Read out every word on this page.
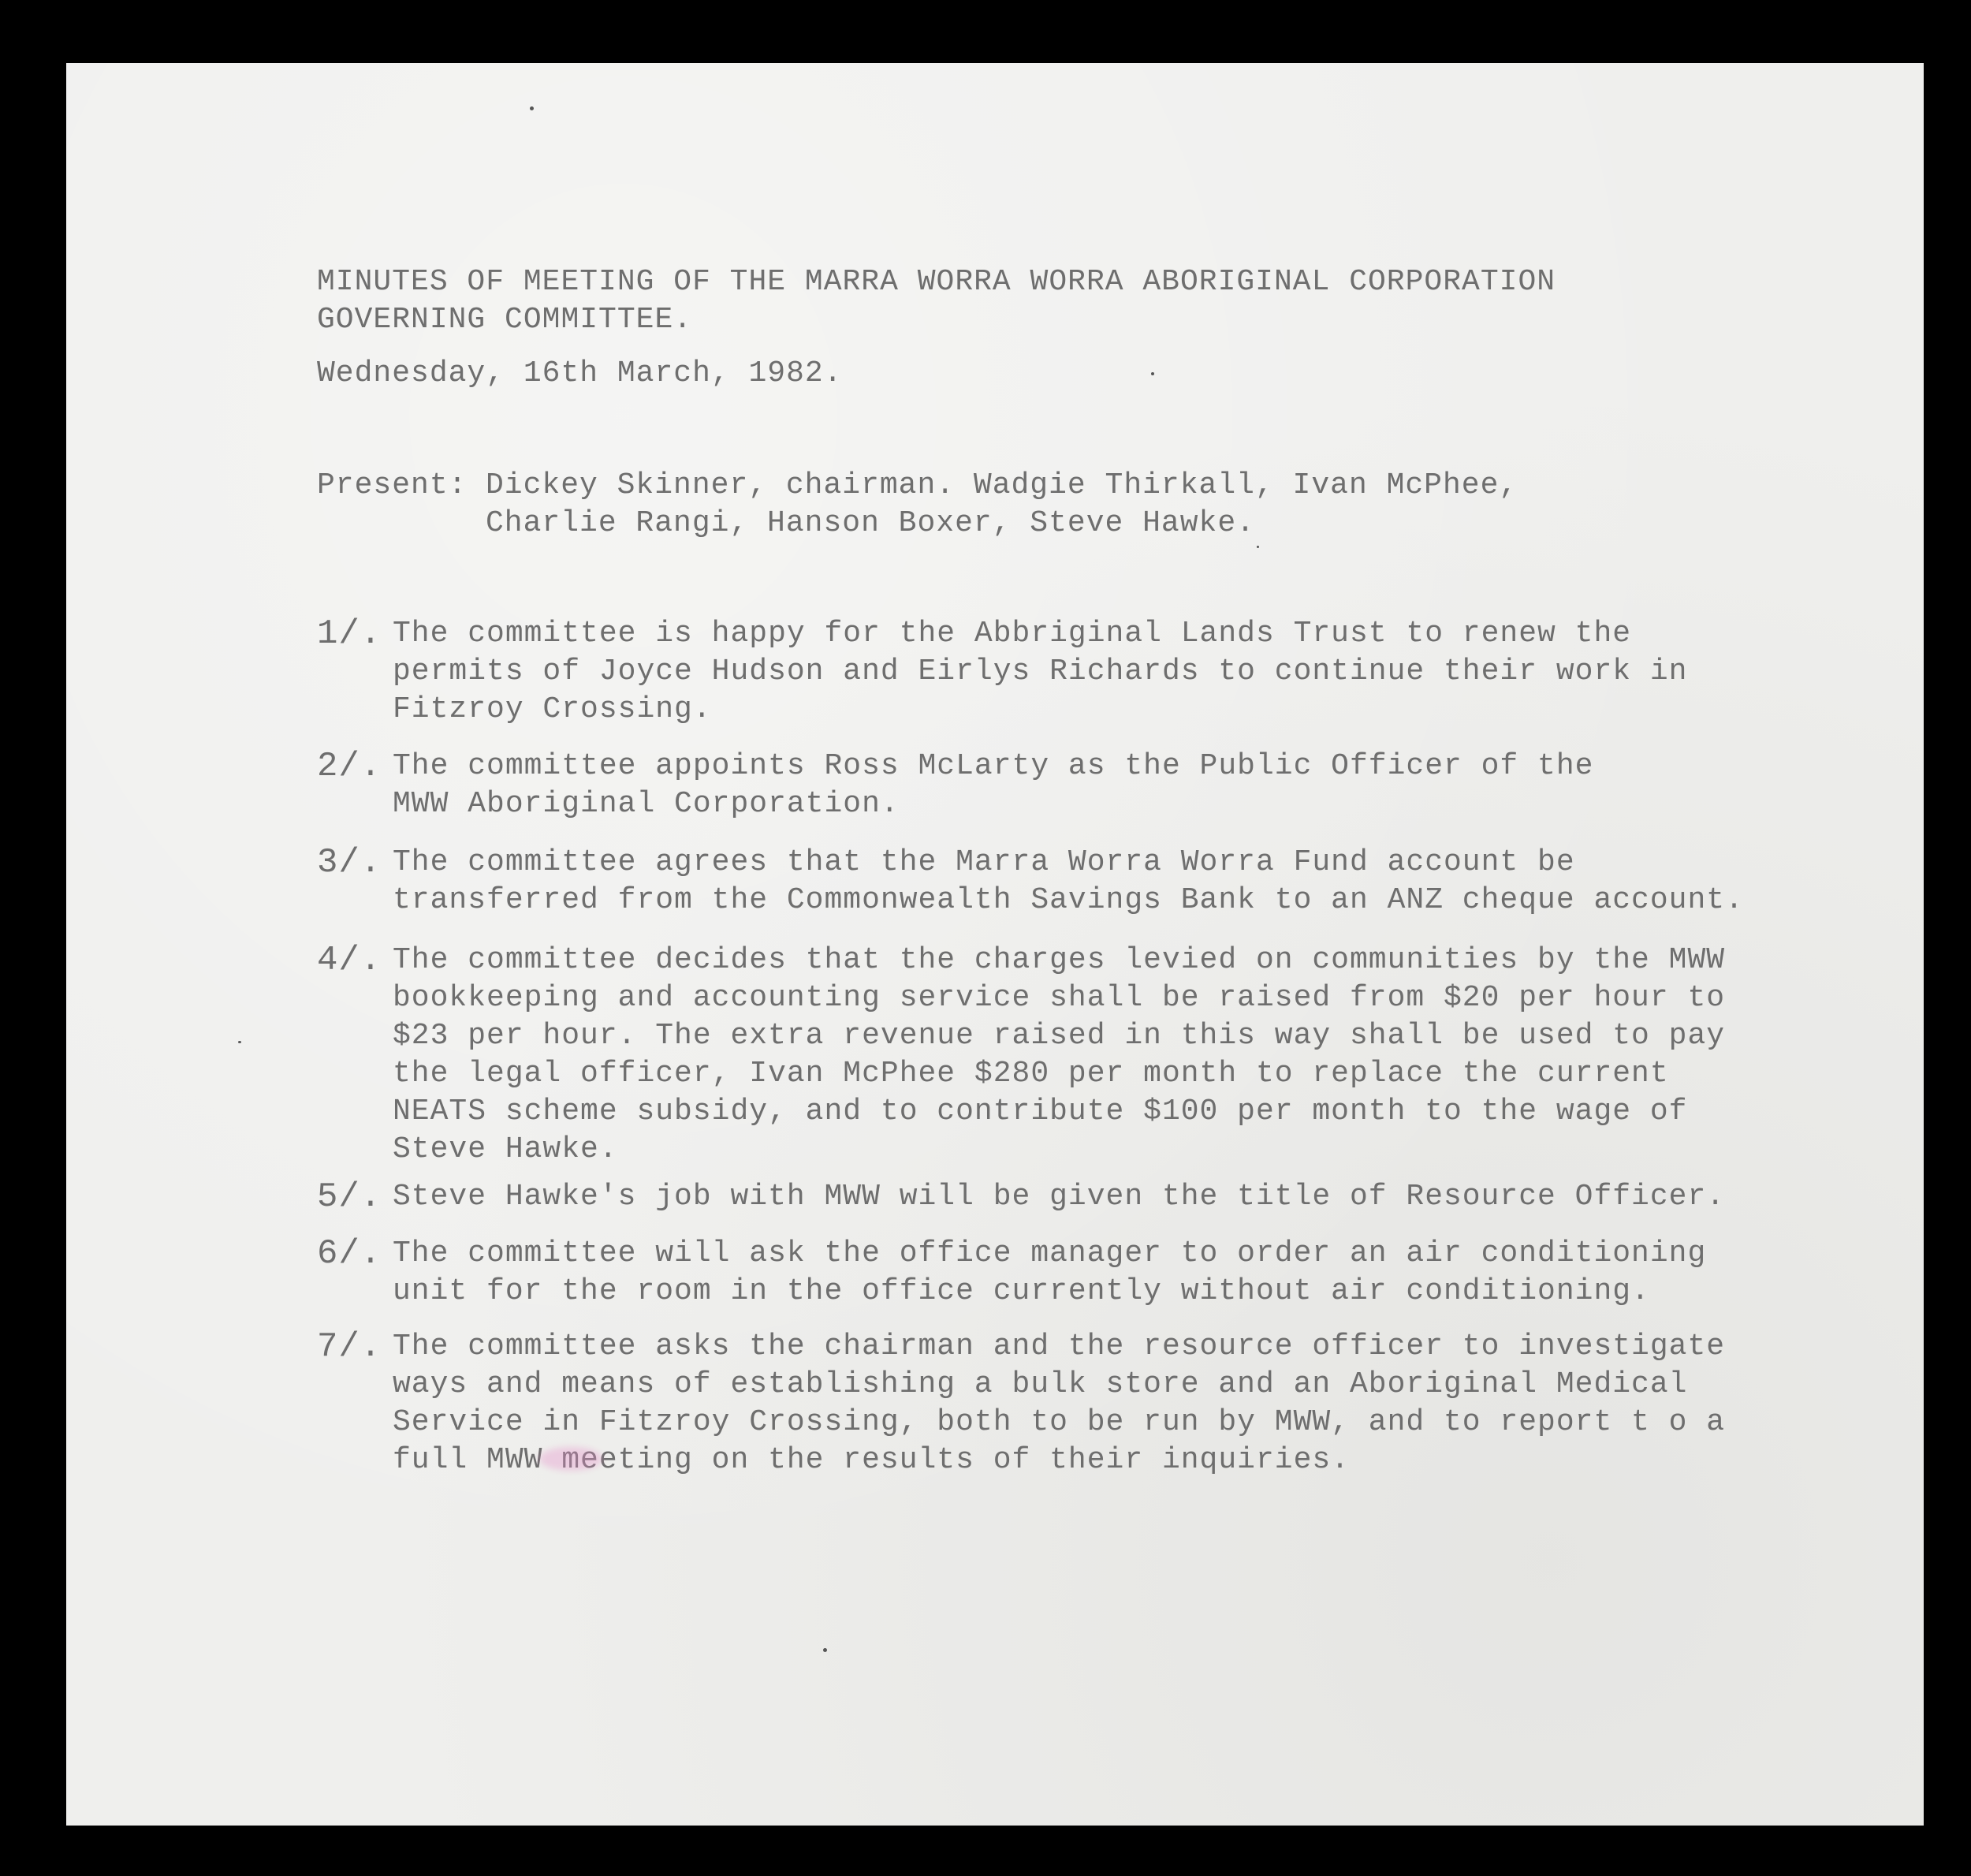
MINUTES OF MEETING OF THE MARRA WORRA WORRA ABORIGINAL CORPORATION
GOVERNING COMMITTEE.
Wednesday, 16th March, 1982.
Present: Dickey Skinner, chairman. Wadgie Thirkall, Ivan McPhee,
Charlie Rangi, Hanson Boxer, Steve Hawke.
1/. The committee is happy for the Abbriginal Lands Trust to renew the
permits of Joyce Hudson and Eirlys Richards to continue their work in
Fitzroy Crossing.
2/. The committee appoints Ross McLarty as the Public Officer of the
MWW Aboriginal Corporation.
3/. The committee agrees that the Marra Worra Worra Fund account be
transferred from the Commonwealth Savings Bank to an ANZ cheque account.
4/. The committee decides that the charges levied on communities by the MWW
bookkeeping and accounting service shall be raised from $20 per hour to
$23 per hour. The extra revenue raised in this way shall be used to pay
the legal officer, Ivan McPhee $280 per month to replace the current
NEATS scheme subsidy, and to contribute $100 per month to the wage of
Steve Hawke.
5/. Steve Hawke's job with MWW will be given the title of Resource Officer.
6/. The committee will ask the office manager to order an air conditioning
unit for the room in the office currently without air conditioning.
7/. The committee asks the chairman and the resource officer to investigate
ways and means of establishing a bulk store and an Aboriginal Medical
Service in Fitzroy Crossing, both to be run by MWW, and to report t o a
full MWW meeting on the results of their inquiries.
